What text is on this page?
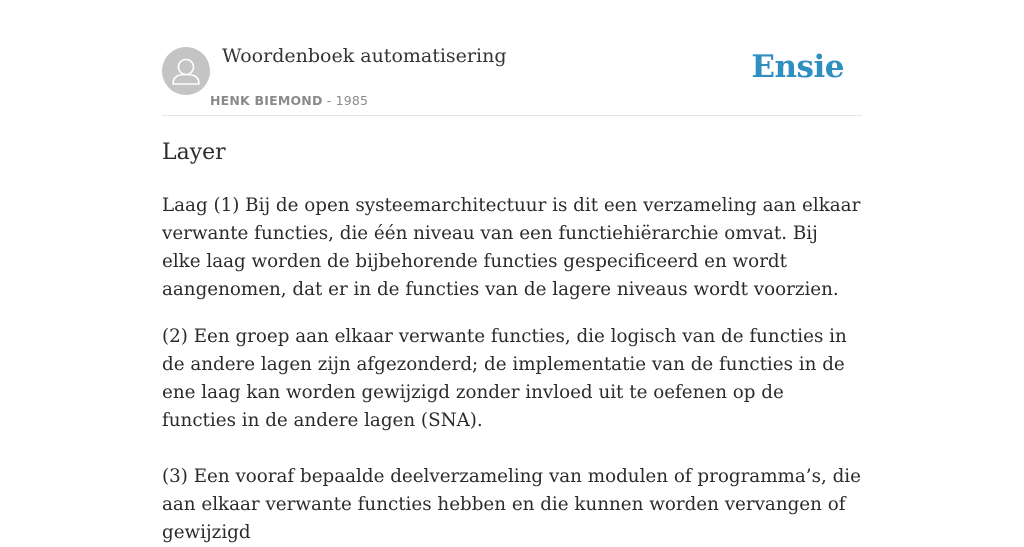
Woordenboek automatisering
HENK BIEMOND - 1985
Ensie
Layer

Laag (1) Bij de open systeemarchitectuur is dit een verzameling aan elkaar verwante functies, die één niveau van een functiehiërarchie omvat. Bij elke laag worden de bijbehorende functies gespecificeerd en wordt aangenomen, dat er in de functies van de lagere niveaus wordt voorzien.

(2) Een groep aan elkaar verwante functies, die logisch van de functies in de andere lagen zijn afgezonderd; de implementatie van de functies in de ene laag kan worden gewijzigd zonder invloed uit te oefenen op de functies in de andere lagen (SNA).

(3) Een vooraf bepaalde deelverzameling van modulen of programma’s, die aan elkaar verwante functies hebben en die kunnen worden vervangen of gewijzigd
